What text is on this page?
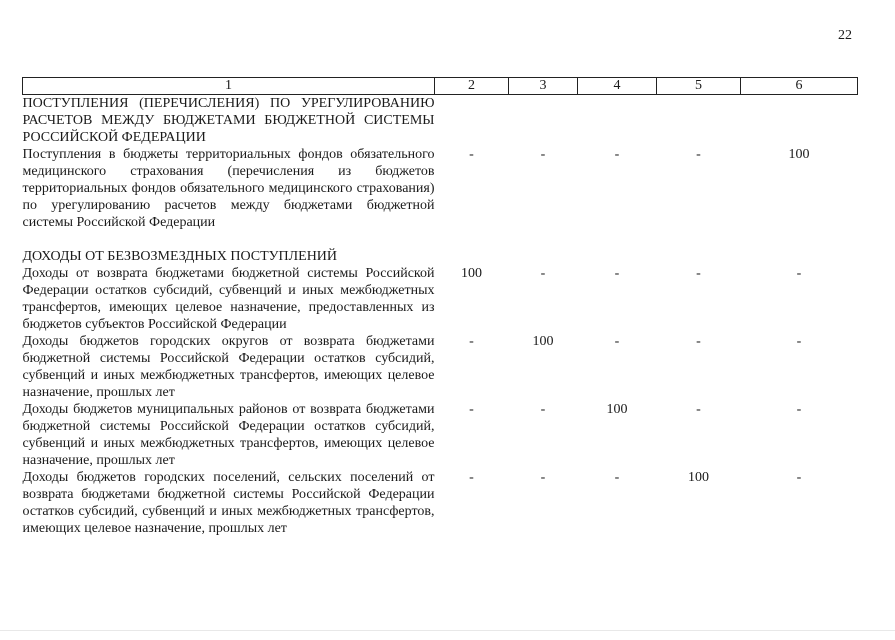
22
1	2	3	4	5	6
ПОСТУПЛЕНИЯ (ПЕРЕЧИСЛЕНИЯ) ПО УРЕГУЛИРОВАНИЮ РАСЧЕТОВ МЕЖДУ БЮДЖЕТАМИ БЮДЖЕТНОЙ СИСТЕМЫ РОССИЙСКОЙ ФЕДЕРАЦИИ					
Поступления в бюджеты территориальных фондов обязательного медицинского страхования (перечисления из бюджетов территориальных фондов обязательного медицинского страхования) по урегулированию расчетов между бюджетами бюджетной системы Российской Федерации	-	-	-	-	100

ДОХОДЫ ОТ БЕЗВОЗМЕЗДНЫХ ПОСТУПЛЕНИЙ					
Доходы от возврата бюджетами бюджетной системы Российской Федерации остатков субсидий, субвенций и иных межбюджетных трансфертов, имеющих целевое назначение, предоставленных из бюджетов субъектов Российской Федерации	100	-	-	-	-
Доходы бюджетов городских округов от возврата бюджетами бюджетной системы Российской Федерации остатков субсидий, субвенций и иных межбюджетных трансфертов, имеющих целевое назначение, прошлых лет	-	100	-	-	-
Доходы бюджетов муниципальных районов от возврата бюджетами бюджетной системы Российской Федерации остатков субсидий, субвенций и иных межбюджетных трансфертов, имеющих целевое назначение, прошлых лет	-	-	100	-	-
Доходы бюджетов городских поселений, сельских поселений от возврата бюджетами бюджетной системы Российской Федерации остатков субсидий, субвенций и иных межбюджетных трансфертов, имеющих целевое назначение, прошлых лет	-	-	-	100	-
